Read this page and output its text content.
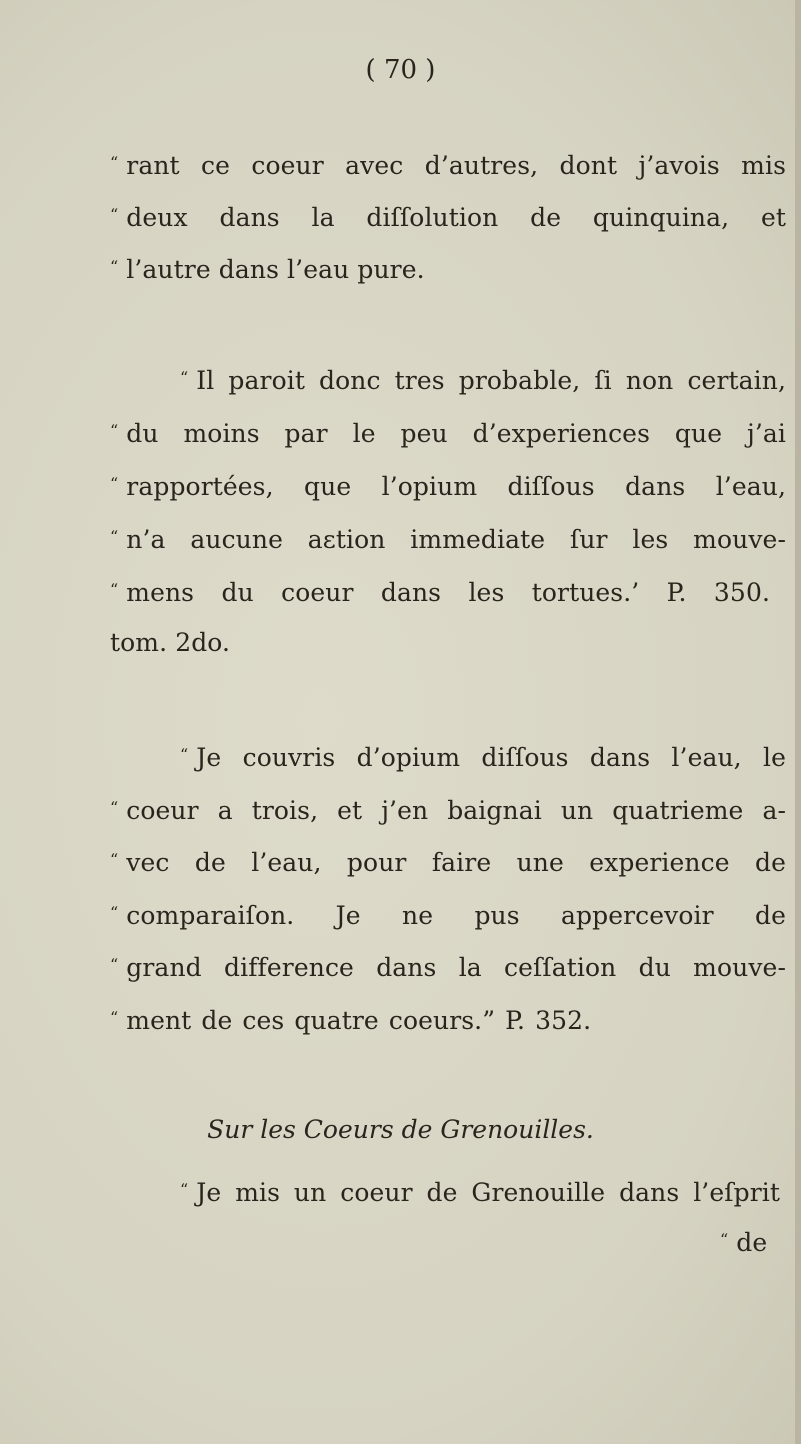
( 70 )
“ rant ce coeur avec d’autres, dont j’avois mis
“ deux dans la diſſolution de quinquina, et
“ l’autre dans l’eau pure.
“ Il paroit donc tres probable, ſi non certain,
“ du moins par le peu d’experiences que j’ai
“ rapportées, que l’opium diſſous dans l’eau,
“ n’a aucune aɛtion immediate ſur les mouve-
“ mens du coeur dans les tortues.’ P. 350.
tom. 2do.
“ Je couvris d’opium diſſous dans l’eau, le
“ coeur a trois, et j’en baignai un quatrieme a-
“ vec de l’eau, pour faire une experience de
“ comparaiſon. Je ne pus appercevoir de
“ grand difference dans la ceſſation du mouve-
“ ment de ces quatre coeurs.” P. 352.
Sur les Coeurs de Grenouilles.
“ Je mis un coeur de Grenouille dans l’eſprit
“ de
